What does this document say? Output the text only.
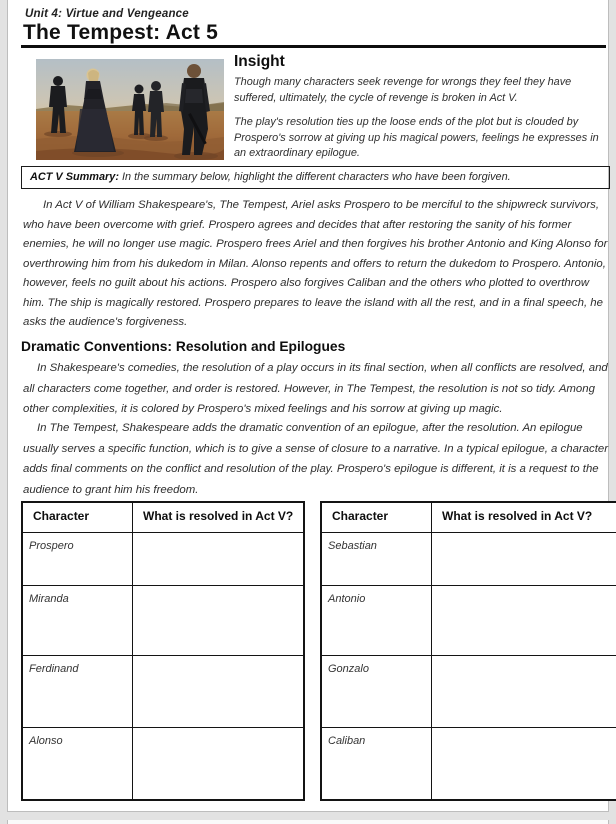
Unit 4: Virtue and Vengeance
The Tempest: Act 5
Insight

Though many characters seek revenge for wrongs they feel they have suffered, ultimately, the cycle of revenge is broken in Act V.

The play's resolution ties up the loose ends of the plot but is clouded by Prospero's sorrow at giving up his magical powers, feelings he expresses in an extraordinary epilogue.

ACT V Summary: In the summary below, highlight the different characters who have been forgiven.
In Act V of William Shakespeare's, The Tempest, Ariel asks Prospero to be merciful to the shipwreck survivors, who have been overcome with grief. Prospero agrees and decides that after restoring the sanity of his former enemies, he will no longer use magic. Prospero frees Ariel and then forgives his brother Antonio and King Alonso for overthrowing him from his dukedom in Milan. Alonso repents and offers to return the dukedom to Prospero. Antonio, however, feels no guilt about his actions. Prospero also forgives Caliban and the others who plotted to overthrow him. The ship is magically restored. Prospero prepares to leave the island with all the rest, and in a final speech, he asks the audience's forgiveness.
Dramatic Conventions: Resolution and Epilogues
In Shakespeare's comedies, the resolution of a play occurs in its final section, when all conflicts are resolved, and all characters come together, and order is restored. However, in The Tempest, the resolution is not so tidy. Among other complexities, it is colored by Prospero's mixed feelings and his sorrow at giving up magic.
In The Tempest, Shakespeare adds the dramatic convention of an epilogue, after the resolution. An epilogue usually serves a specific function, which is to give a sense of closure to a narrative. In a typical epilogue, a character adds final comments on the conflict and resolution of the play. Prospero's epilogue is different, it is a request to the audience to grant him his freedom.
Character	What is resolved in Act V?
Prospero
Miranda
Ferdinand
Alonso
Character	What is resolved in Act V?
Sebastian
Antonio
Gonzalo
Caliban
